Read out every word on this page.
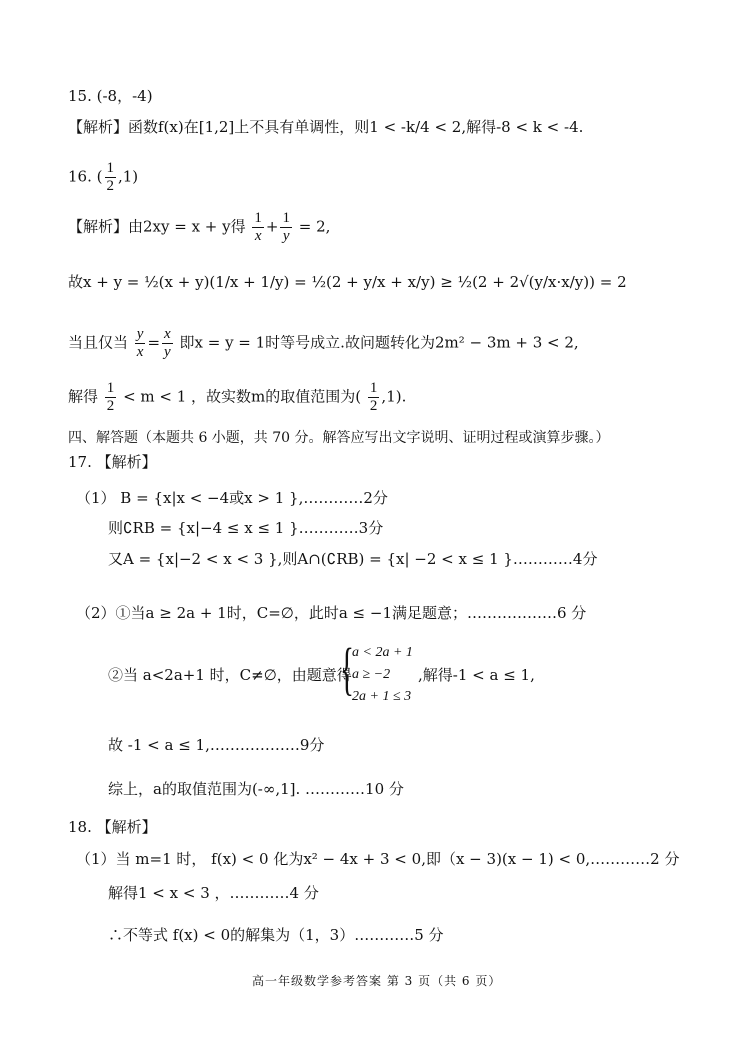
15. (-8，-4)
【解析】函数f(x)在[1,2]上不具有单调性，则1 < -k/4 < 2,解得-8 < k < -4.
16. ( $\frac{1}{2} ,1$)
【解析】由2xy = x + y得 $\frac{1}{x} + \frac{1}{y} = 2$,
故x + y = ½(x + y)(1/x + 1/y) = ½(2 + y/x + x/y) ≥ ½(2 + 2√(y/x·x/y)) = 2
当且仅当 $\frac{y}{x} = \frac{x}{y}$ 即x = y = 1时等号成立.故问题转化为2m² − 3m + 3 < 2,
解得 $\frac{1}{2} < m < 1$ ，故实数m的取值范围为( $\frac{1}{2} ,1$).
四、解答题（本题共 6 小题，共 70 分。解答应写出文字说明、证明过程或演算步骤。）
17. 【解析】
（1） B = {x|x < −4或x > 1 },…………2分
则∁RB = {x|−4 ≤ x ≤ 1 }…………3分
又A = {x|−2 < x < 3 },则A∩(∁RB) = {x| −2 < x ≤ 1 }…………4分
（2）①当a ≥ 2a + 1时，C=∅，此时a ≤ −1满足题意；………………6 分
②当 a<2a+1 时，C≠∅，由题意得
{
a < 2a + 1
a ≥ −2
2a + 1 ≤ 3
,解得-1 < a ≤ 1,
故 -1 < a ≤ 1,………………9分
综上，a的取值范围为(-∞,1]. …………10 分
18. 【解析】
（1）当 m=1 时， f(x) < 0 化为x² − 4x + 3 < 0,即（x − 3)(x − 1) < 0,…………2 分
解得1 < x < 3 ，…………4 分
∴不等式 f(x) < 0的解集为（1，3）…………5 分
高一年级数学参考答案 第 3 页（共 6 页）
